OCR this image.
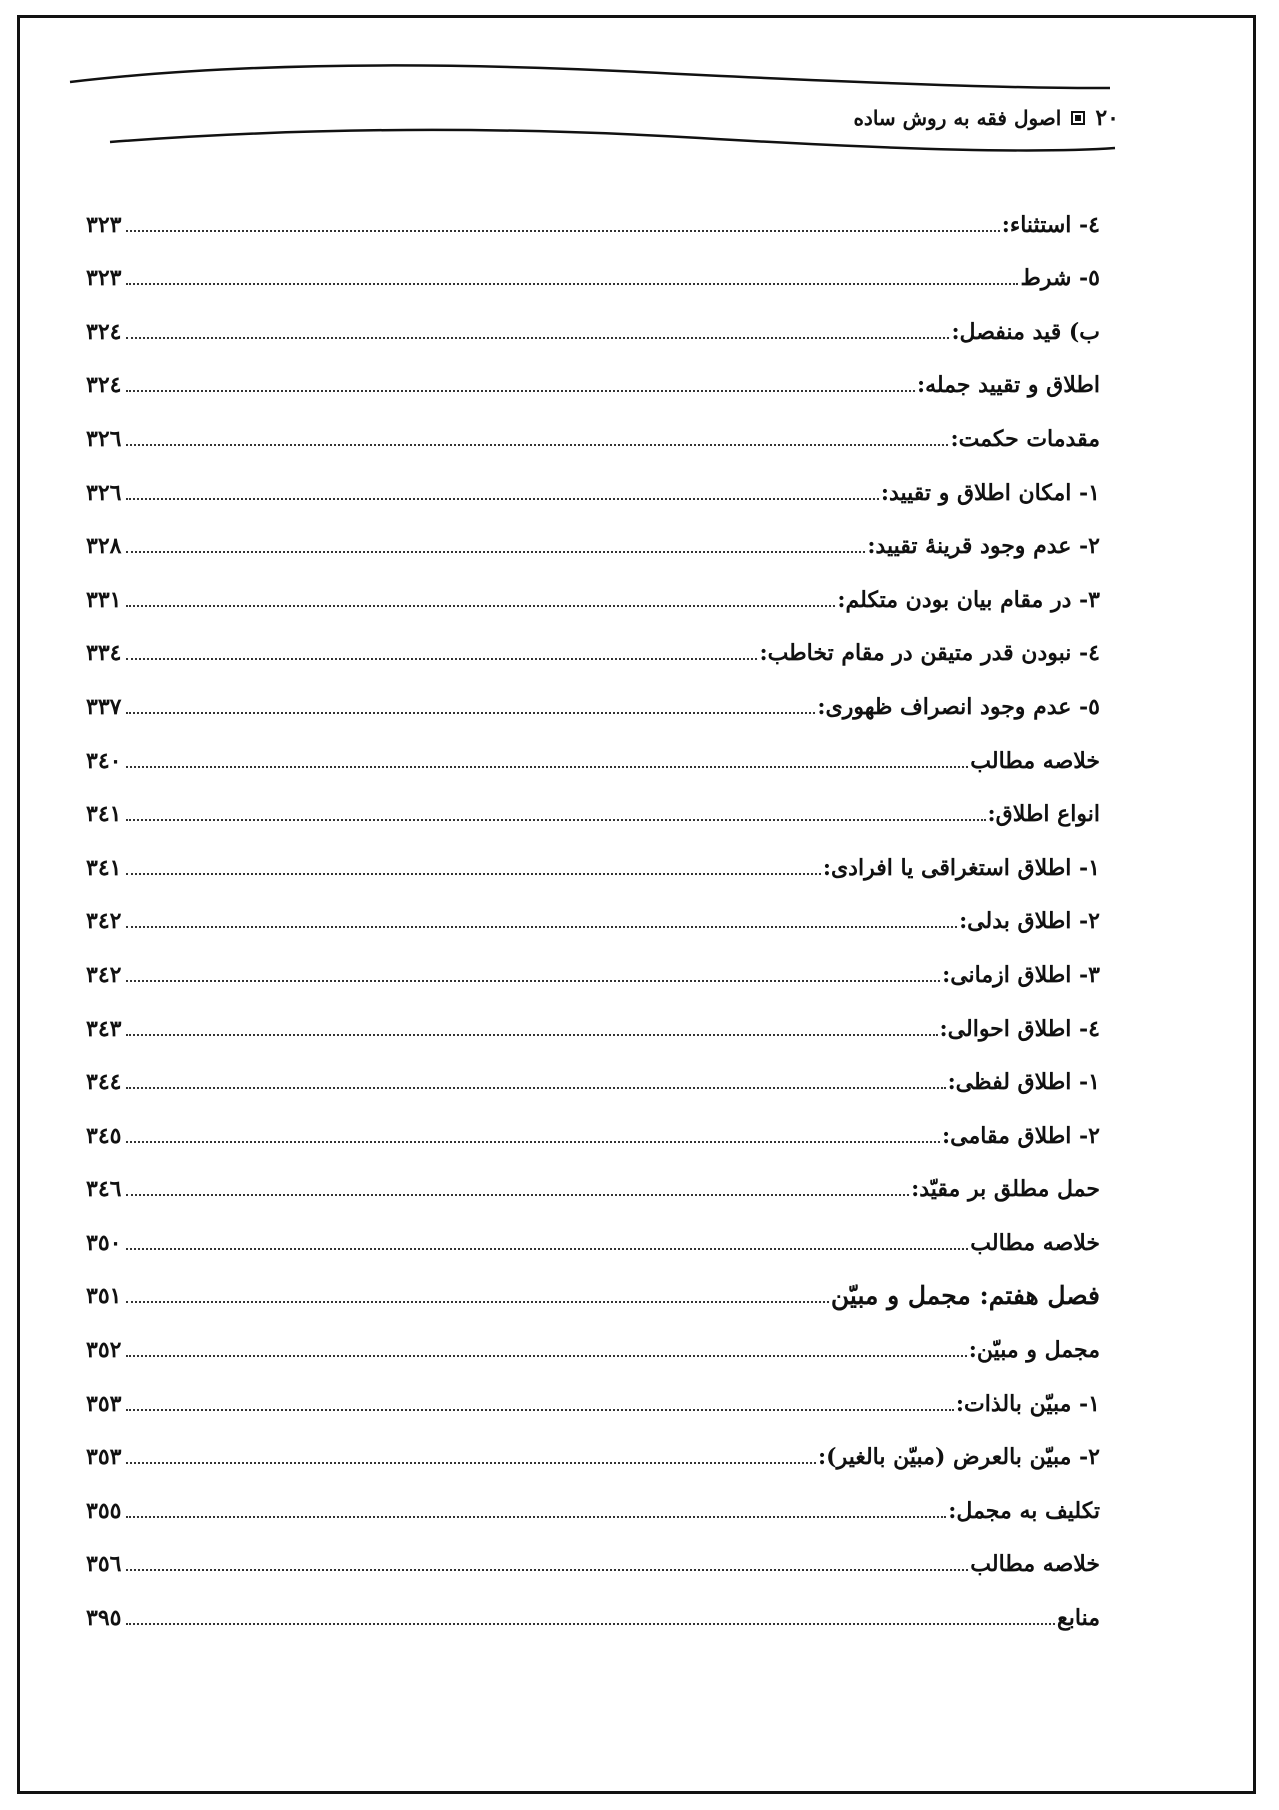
۲۰
اصول فقه به روش ساده
٤- استثناء:
۳۲۳
٥- شرط
۳۲۳
ب) قید منفصل:
۳۲٤
اطلاق و تقیید جمله:
۳۲٤
مقدمات حکمت:
۳۲٦
۱- امکان اطلاق و تقیید:
۳۲٦
۲- عدم وجود قرینۀ تقیید:
۳۲۸
۳- در مقام بیان بودن متکلم:
۳۳۱
٤- نبودن قدر متیقن در مقام تخاطب:
۳۳٤
٥- عدم وجود انصراف ظهوری:
۳۳۷
خلاصه مطالب
۳٤۰
انواع اطلاق:
۳٤۱
۱- اطلاق استغراقی یا افرادی:
۳٤۱
۲- اطلاق بدلی:
۳٤۲
۳- اطلاق ازمانی:
۳٤۲
٤- اطلاق احوالی:
۳٤۳
۱- اطلاق لفظی:
۳٤٤
۲- اطلاق مقامی:
۳٤٥
حمل مطلق بر مقیّد:
۳٤٦
خلاصه مطالب
۳٥۰
فصل هفتم: مجمل و مبیّن
۳٥۱
مجمل و مبیّن:
۳٥۲
۱- مبیّن بالذات:
۳٥۳
۲- مبیّن بالعرض (مبیّن بالغیر):
۳٥۳
تکلیف به مجمل:
۳٥٥
خلاصه مطالب
۳٥٦
منابع
۳۹٥
